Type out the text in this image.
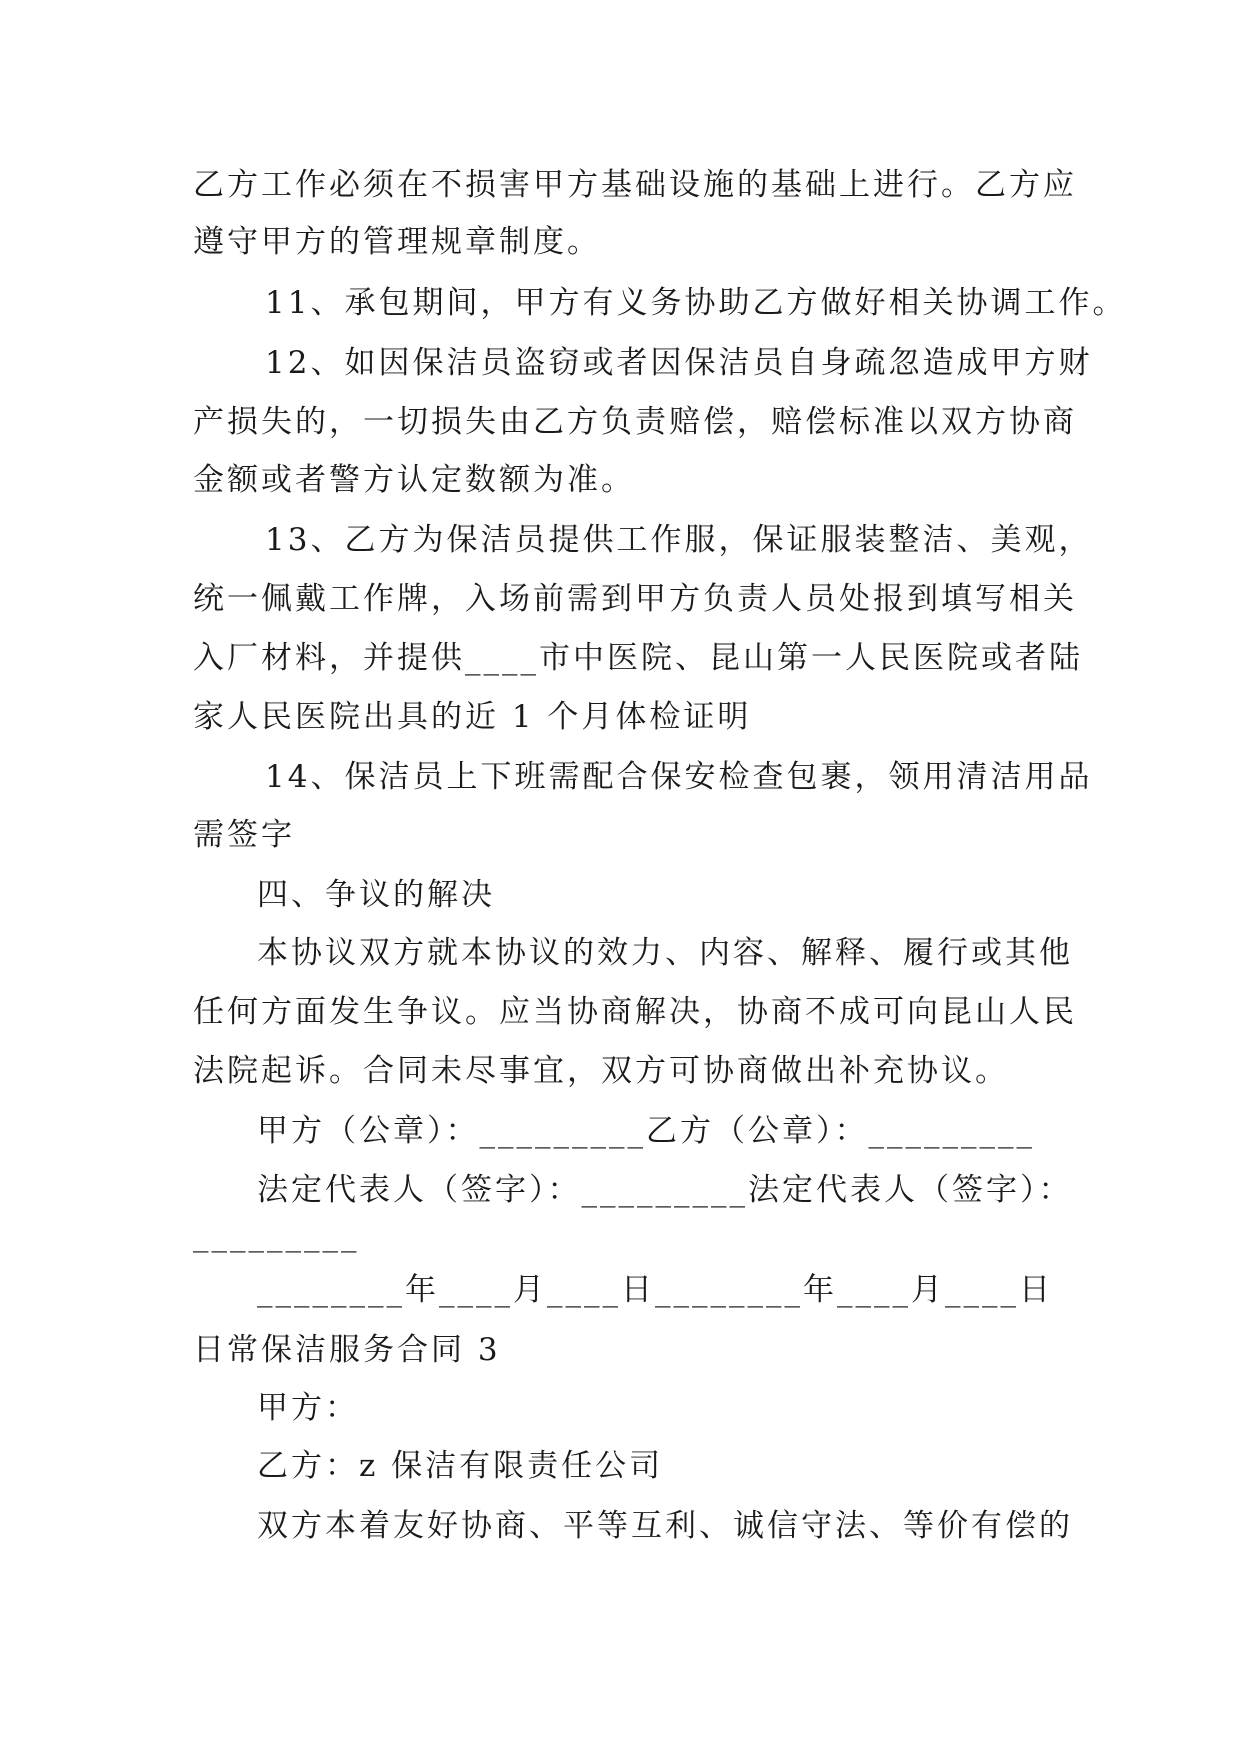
乙方工作必须在不损害甲方基础设施的基础上进行。乙方应
遵守甲方的管理规章制度。
11、承包期间，甲方有义务协助乙方做好相关协调工作。
12、如因保洁员盗窃或者因保洁员自身疏忽造成甲方财
产损失的，一切损失由乙方负责赔偿，赔偿标准以双方协商
金额或者警方认定数额为准。
13、乙方为保洁员提供工作服，保证服装整洁、美观，
统一佩戴工作牌，入场前需到甲方负责人员处报到填写相关
入厂材料，并提供____市中医院、昆山第一人民医院或者陆
家人民医院出具的近 1 个月体检证明
14、保洁员上下班需配合保安检查包裹，领用清洁用品
需签字
四、争议的解决
本协议双方就本协议的效力、内容、解释、履行或其他
任何方面发生争议。应当协商解决，协商不成可向昆山人民
法院起诉。合同未尽事宜，双方可协商做出补充协议。
甲方（公章）：_________乙方（公章）：_________
法定代表人（签字）：_________法定代表人（签字）：
_________
________年____月____日________年____月____日
日常保洁服务合同 3
甲方：
乙方：z 保洁有限责任公司
双方本着友好协商、平等互利、诚信守法、等价有偿的
